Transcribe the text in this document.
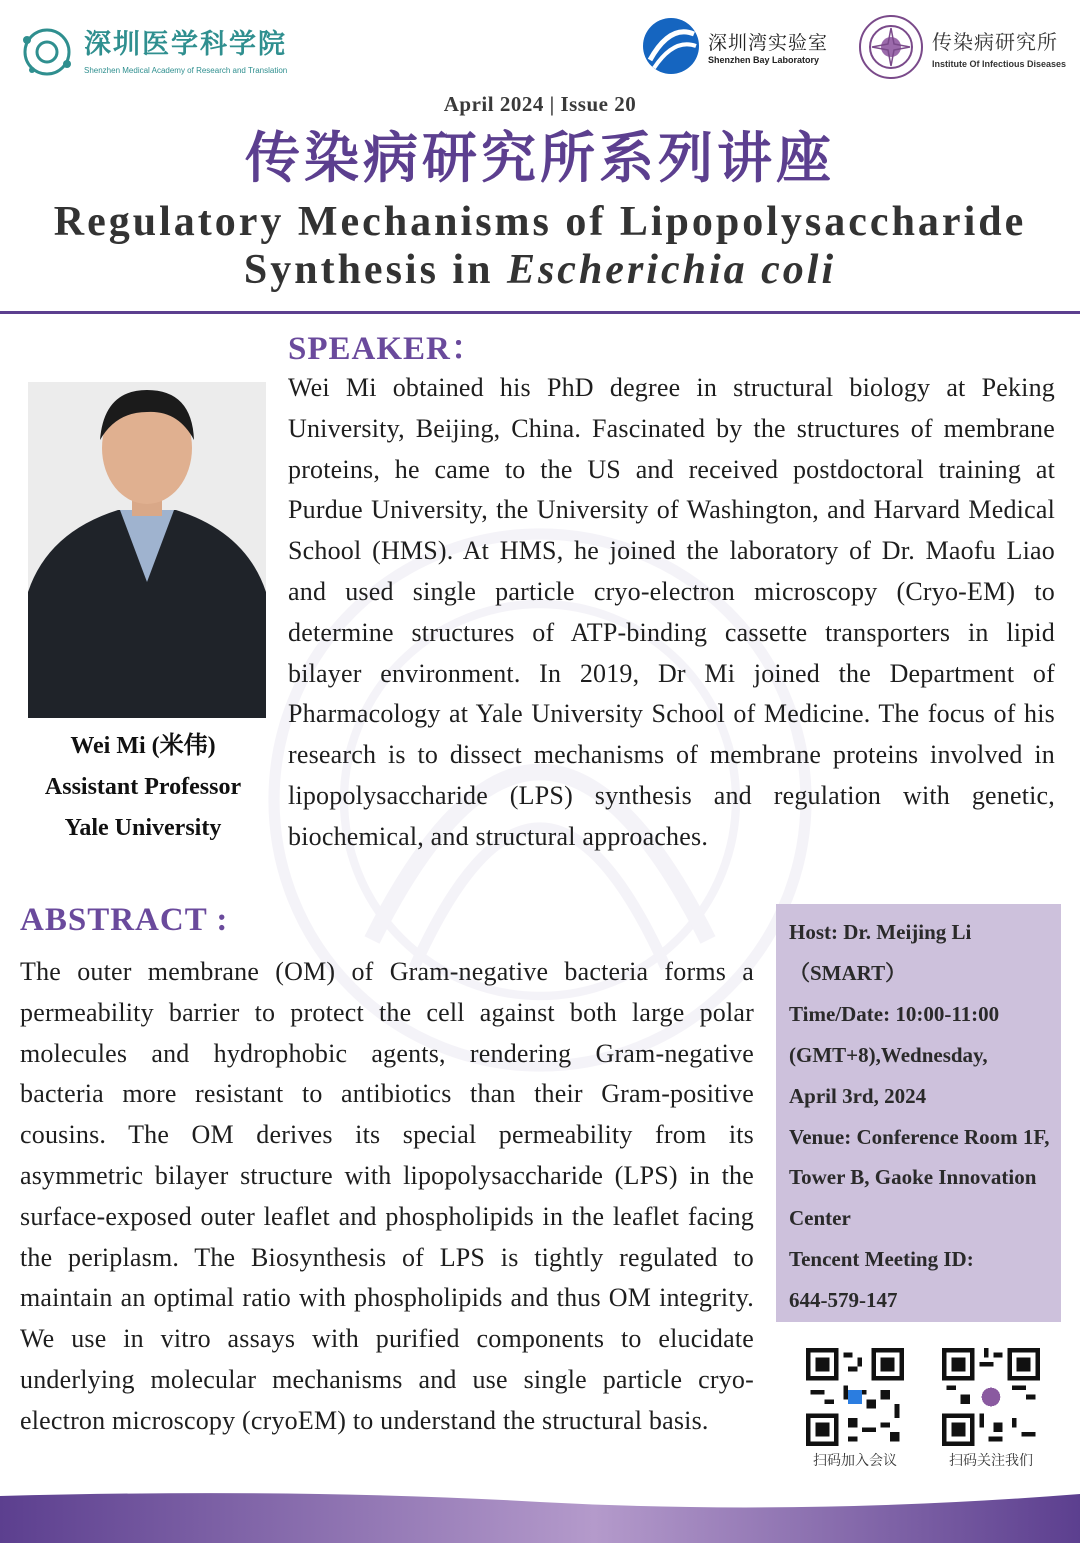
深圳医学科学院
Shenzhen Medical Academy of Research and Translation
深圳湾实验室
Shenzhen Bay Laboratory
传染病研究所
Institute Of Infectious Diseases
April 2024 | Issue 20
传染病研究所系列讲座
Regulatory Mechanisms of Lipopolysaccharide
Synthesis in Escherichia coli
Wei Mi (米伟)
Assistant Professor
Yale University
SPEAKER：
Wei Mi obtained his PhD degree in structural biology at Peking University, Beijing, China. Fascinated by the structures of membrane proteins, he came to the US and received postdoctoral training at Purdue University, the University of Washington, and Harvard Medical School (HMS). At HMS, he joined the laboratory of Dr. Maofu Liao and used single particle cryo-electron microscopy (Cryo-EM) to determine structures of ATP-binding cassette transporters in lipid bilayer environment. In 2019, Dr Mi joined the Department of Pharmacology at Yale University School of Medicine. The focus of his research is to dissect mechanisms of membrane proteins involved in lipopolysaccharide (LPS) synthesis and regulation with genetic, biochemical, and structural approaches.
ABSTRACT :
The outer membrane (OM) of Gram-negative bacteria forms a permeability barrier to protect the cell against both large polar molecules and hydrophobic agents, rendering Gram-negative bacteria more resistant to antibiotics than their Gram-positive cousins. The OM derives its special permeability from its asymmetric bilayer structure with lipopolysaccharide (LPS) in the surface-exposed outer leaflet and phospholipids in the leaflet facing the periplasm. The Biosynthesis of LPS is tightly regulated to maintain an optimal ratio with phospholipids and thus OM integrity. We use in vitro assays with purified components to elucidate underlying molecular mechanisms and use single particle cryo-electron microscopy (cryoEM) to understand the structural basis.
Host: Dr. Meijing Li
（SMART）
Time/Date: 10:00-11:00
(GMT+8),Wednesday,
April 3rd, 2024
Venue: Conference Room 1F,
Tower B, Gaoke Innovation
Center
Tencent Meeting ID:
644-579-147
扫码加入会议	扫码关注我们
